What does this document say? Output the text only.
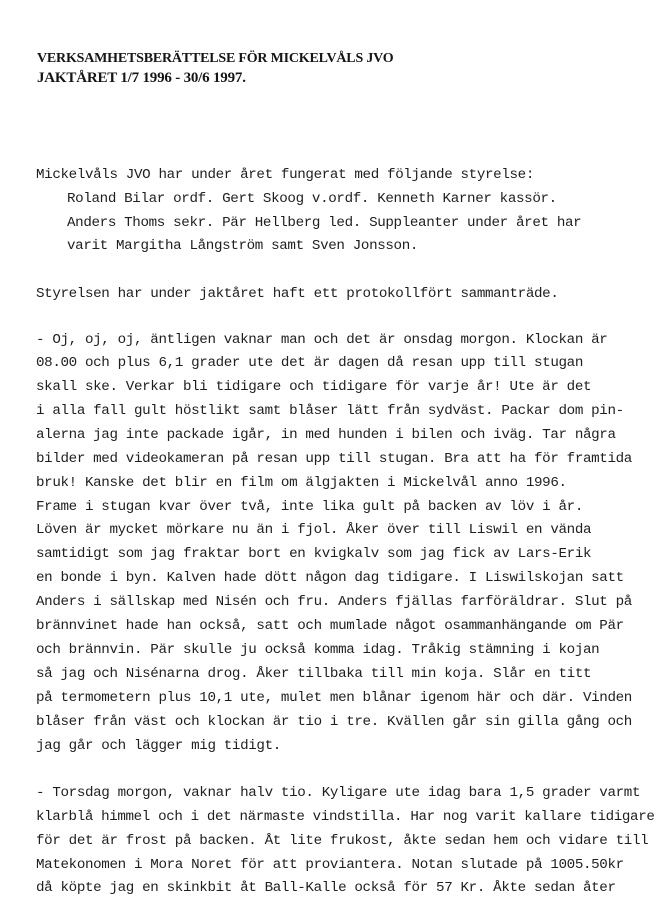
VERKSAMHETSBERÄTTELSE FÖR MICKELVÅLS JVO
JAKTÅRET 1/7 1996 - 30/6 1997.
Mickelvåls JVO har under året fungerat med följande styrelse:
Roland Bilar ordf. Gert Skoog v.ordf. Kenneth Karner kassör.
Anders Thoms sekr. Pär Hellberg led. Suppleanter under året har
varit Margitha Långström samt Sven Jonsson.
Styrelsen har under jaktåret haft ett protokollfört sammanträde.
- Oj, oj, oj, äntligen vaknar man och det är onsdag morgon. Klockan är
08.00 och plus 6,1 grader ute det är dagen då resan upp till stugan
skall ske. Verkar bli tidigare och tidigare för varje år! Ute är det
i alla fall gult höstlikt samt blåser lätt från sydväst. Packar dom pin-
alerna jag inte packade igår, in med hunden i bilen och iväg. Tar några
bilder med videokameran på resan upp till stugan. Bra att ha för framtida
bruk! Kanske det blir en film om älgjakten i Mickelvål anno 1996.
Frame i stugan kvar över två, inte lika gult på backen av löv i år.
Löven är mycket mörkare nu än i fjol. Åker över till Liswil en vända
samtidigt som jag fraktar bort en kvigkalv som jag fick av Lars-Erik
en bonde i byn. Kalven hade dött någon dag tidigare. I Liswilskojan satt
Anders i sällskap med Nisén och fru. Anders fjällas farföräldrar. Slut på
brännvinet hade han också, satt och mumlade något osammanhängande om Pär
och brännvin. Pär skulle ju också komma idag. Tråkig stämning i kojan
så jag och Nisénarna drog. Åker tillbaka till min koja. Slår en titt
på termometern plus 10,1 ute, mulet men blånar igenom här och där. Vinden
blåser från väst och klockan är tio i tre. Kvällen går sin gilla gång och
jag går och lägger mig tidigt.
- Torsdag morgon, vaknar halv tio. Kyligare ute idag bara 1,5 grader varmt
klarblå himmel och i det närmaste vindstilla. Har nog varit kallare tidigare
för det är frost på backen. Åt lite frukost, åkte sedan hem och vidare till
Matekonomen i Mora Noret för att proviantera. Notan slutade på 1005.50kr
då köpte jag en skinkbit åt Ball-Kalle också för 57 Kr. Åkte sedan åter
